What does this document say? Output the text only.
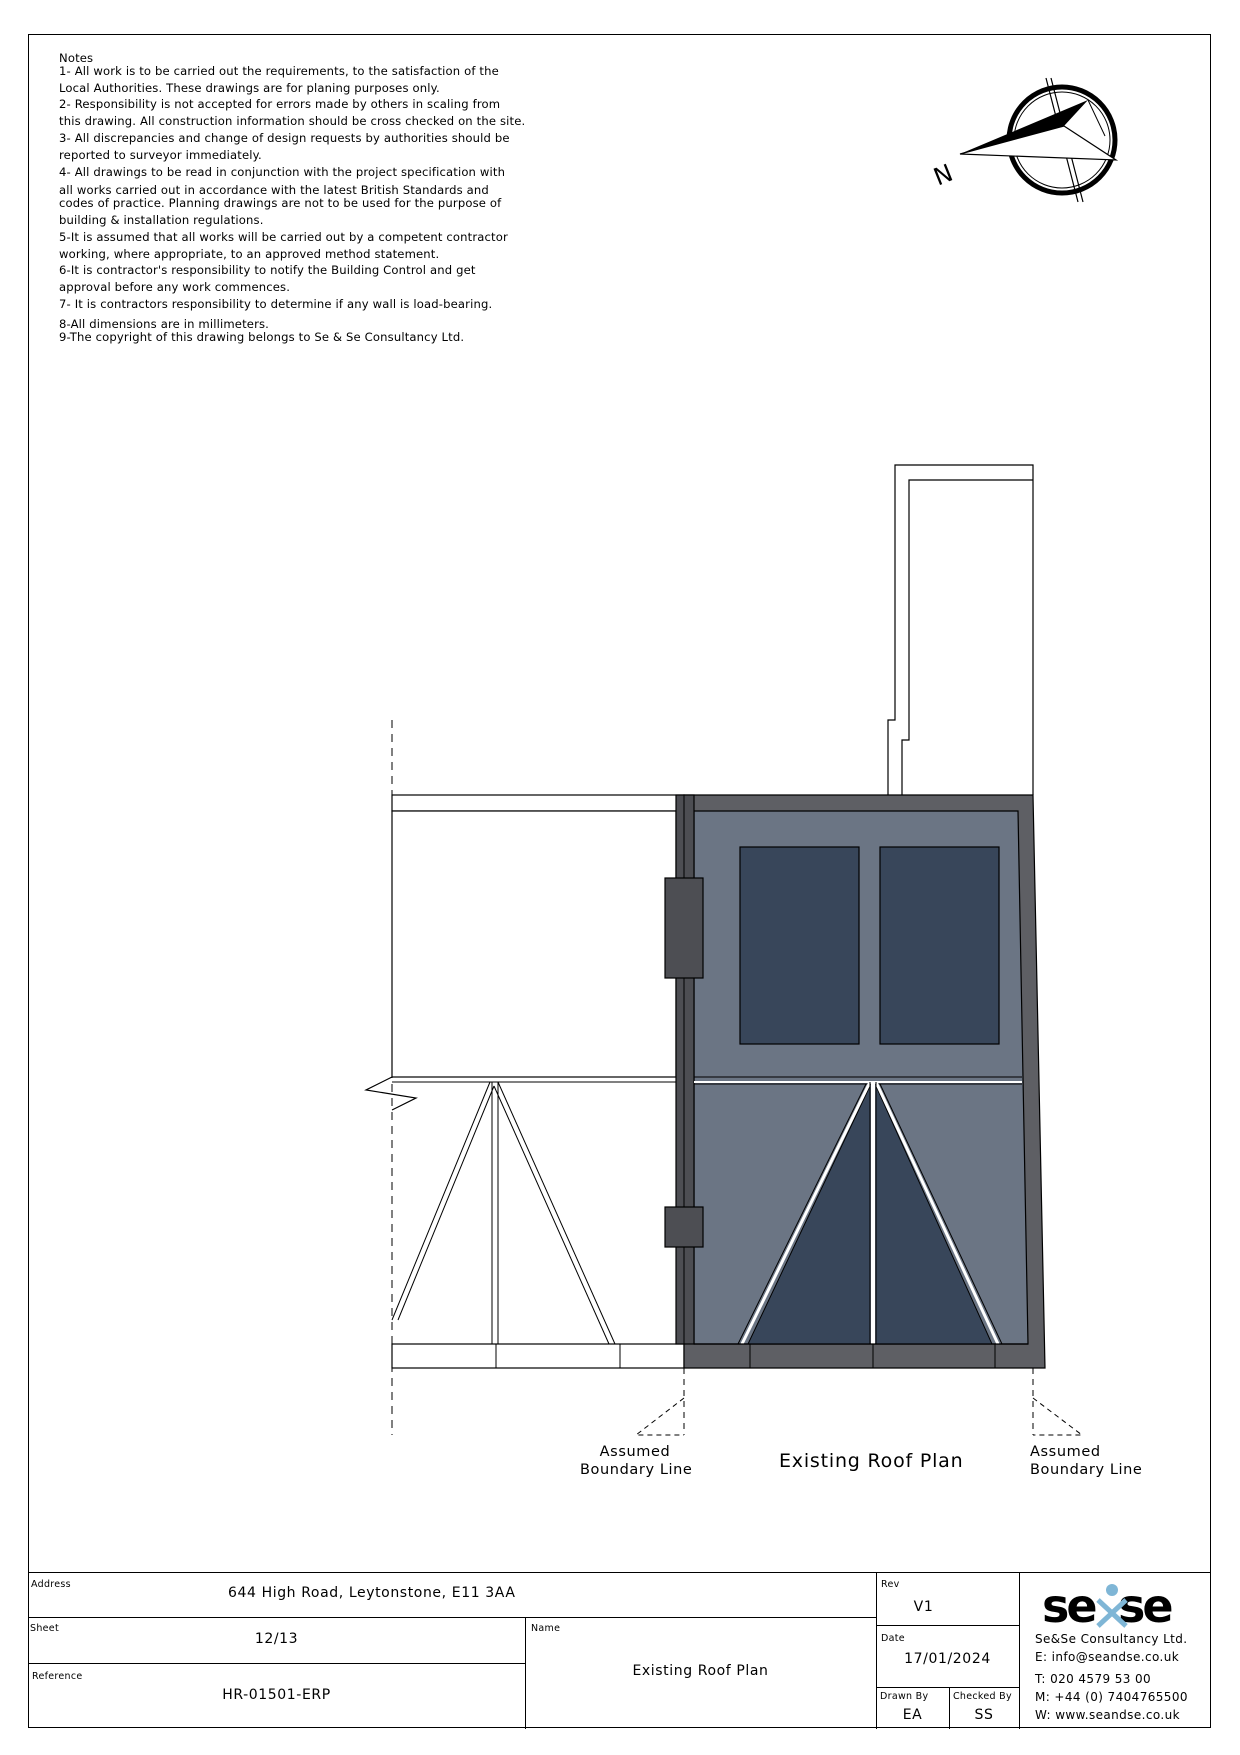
Notes
1- All work is to be carried out the requirements, to the satisfaction of the
Local Authorities. These drawings are for planing purposes only.
2- Responsibility is not accepted for errors made by others in scaling from
this drawing. All construction information should be cross checked on the site.
3- All discrepancies and change of design requests by authorities should be
reported to surveyor immediately.
4- All drawings to be read in conjunction with the project specification with
all works carried out in accordance with the latest British Standards and
codes of practice. Planning drawings are not to be used for the purpose of
building & installation regulations.
5-It is assumed that all works will be carried out by a competent contractor
working, where appropriate, to an approved method statement.
6-It is contractor's responsibility to notify the Building Control and get
approval before any work commences.
7- It is contractors responsibility to determine if any wall is load-bearing.
8-All dimensions are in millimeters.
9-The copyright of this drawing belongs to Se & Se Consultancy Ltd.
N
Assumed
Boundary Line	Existing Roof Plan	Assumed
Boundary Line
Address
644 High Road, Leytonstone, E11 3AA
Sheet
12/13
Reference
HR-01501-ERP
Name
Existing Roof Plan
Rev
V1
Date
17/01/2024
Drawn By
EA
Checked By
SS
se se
Se&Se Consultancy Ltd.
E: info@seandse.co.uk
T: 020 4579 53 00
M: +44 (0) 7404765500
W: www.seandse.co.uk
